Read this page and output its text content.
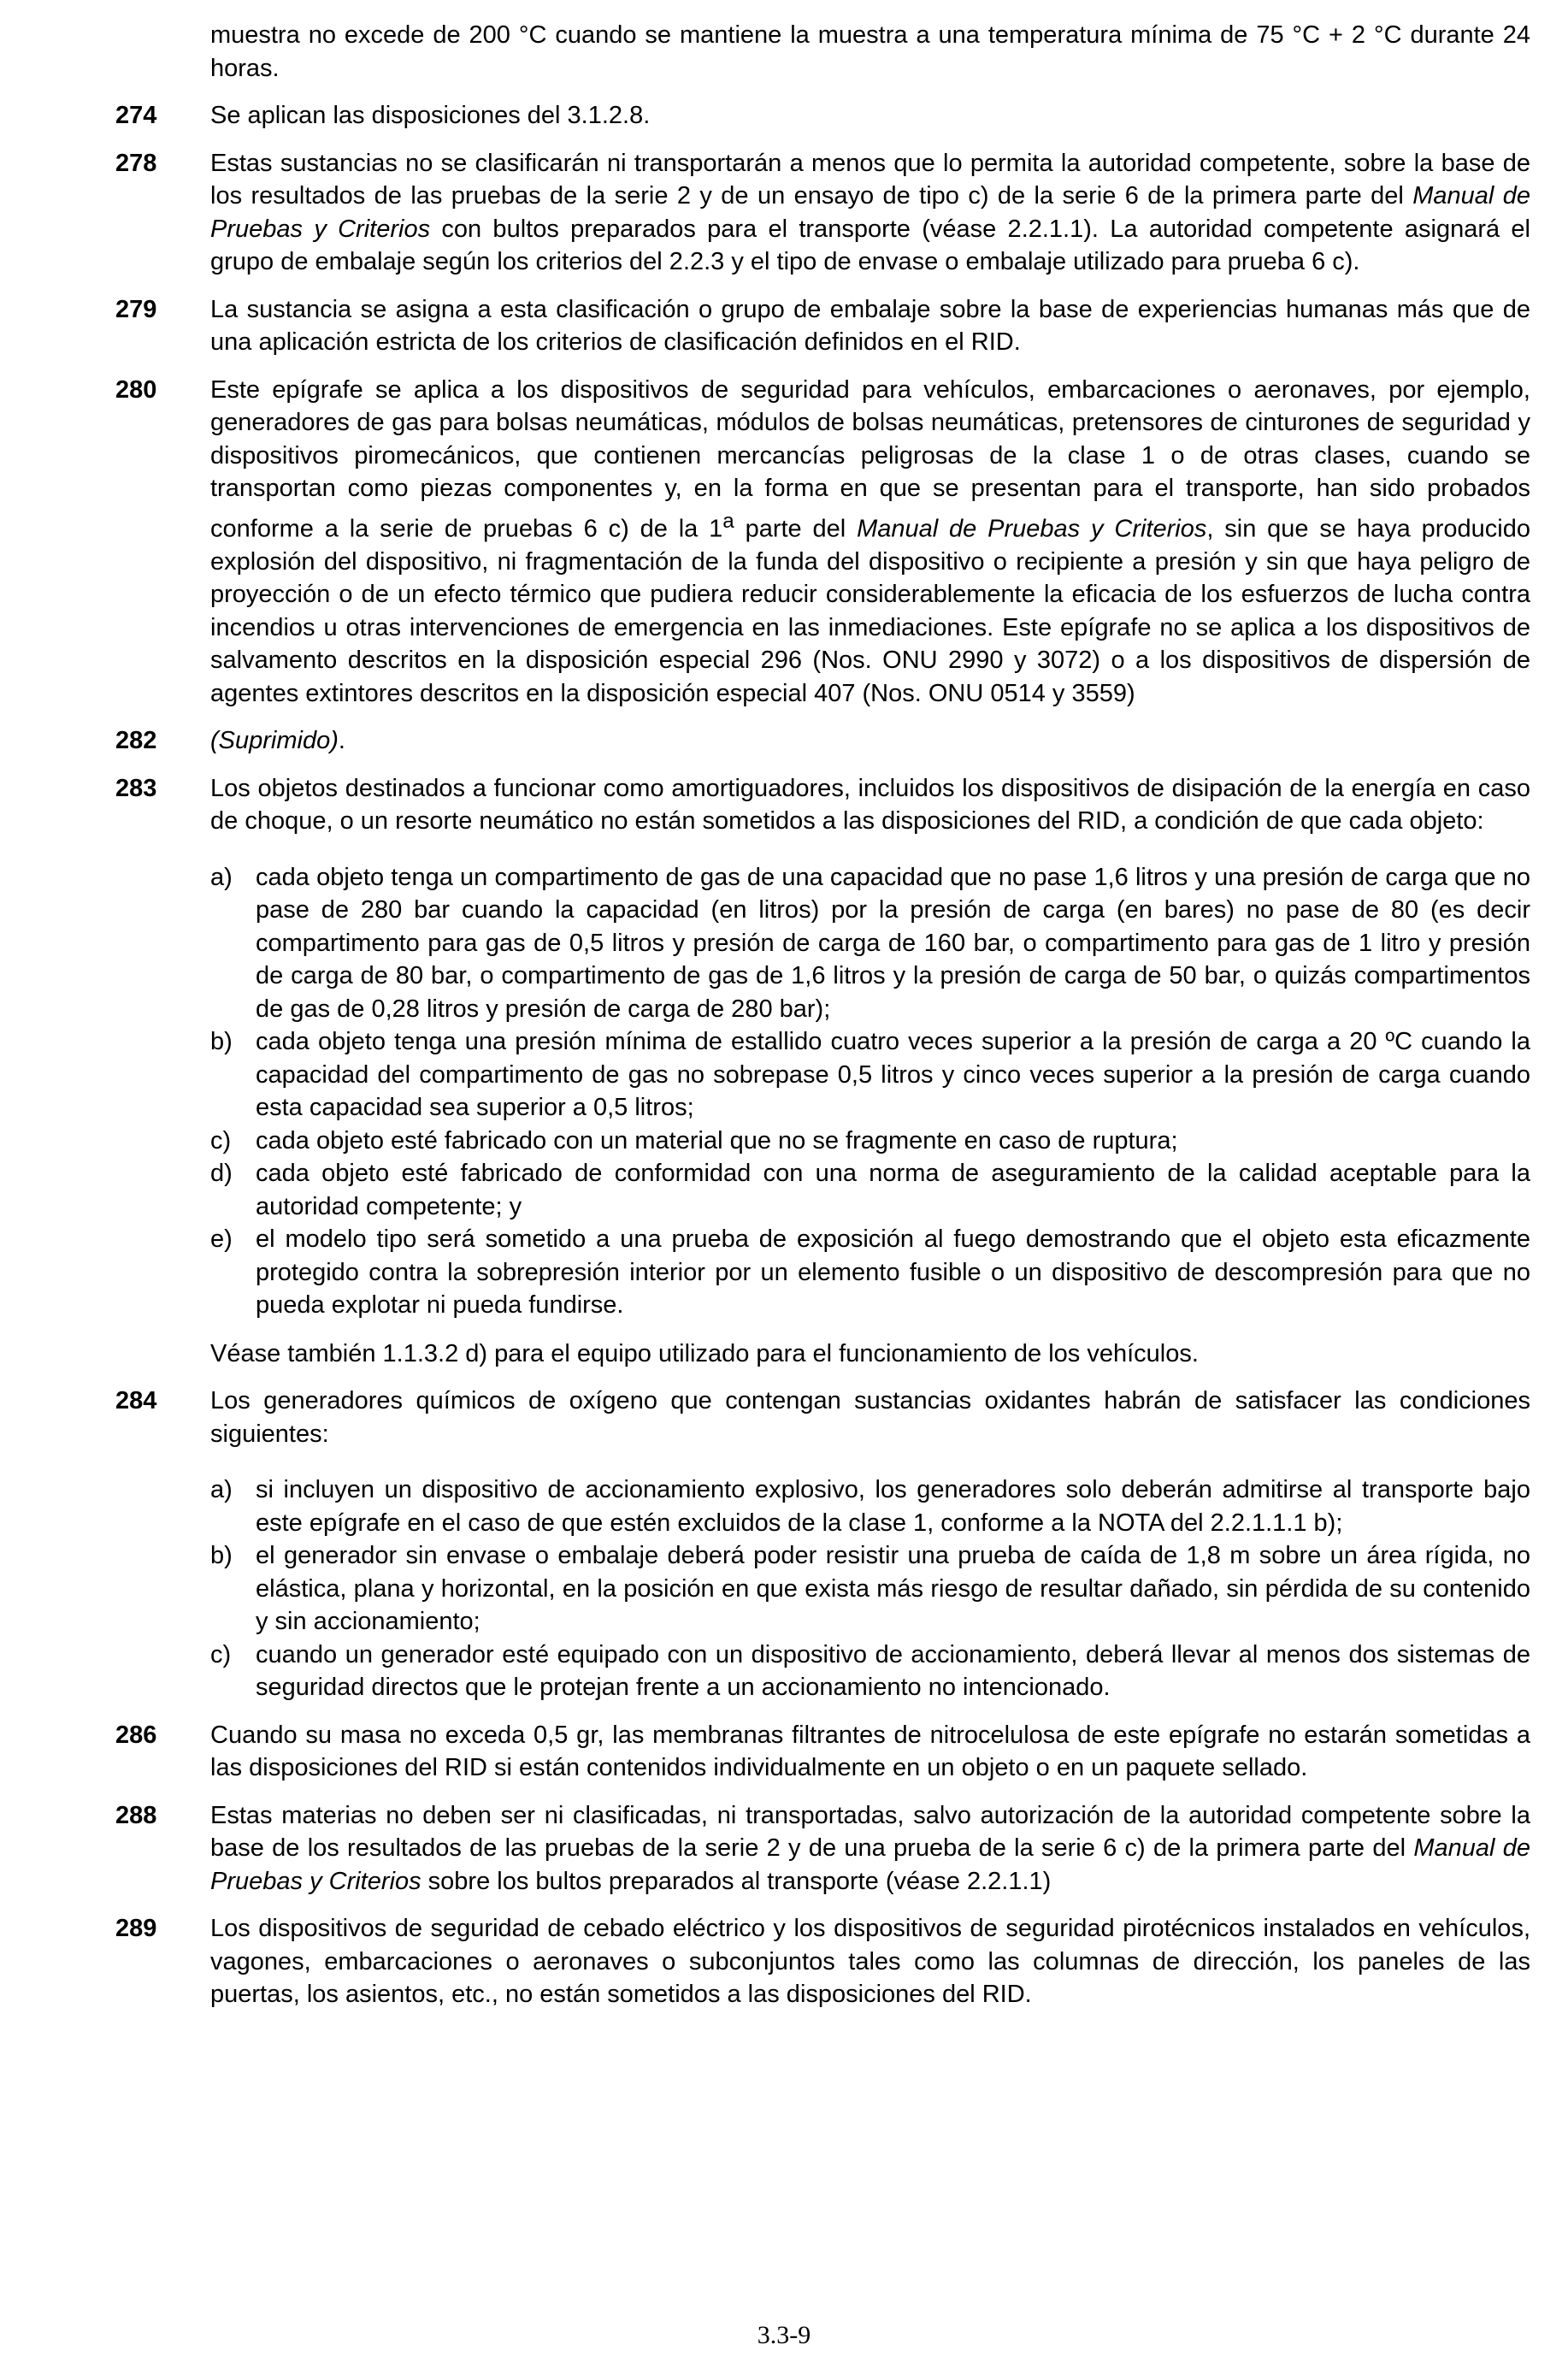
muestra no excede de 200 °C cuando se mantiene la muestra a una temperatura mínima de 75 °C + 2 °C durante 24 horas.
274 Se aplican las disposiciones del 3.1.2.8.
278 Estas sustancias no se clasificarán ni transportarán a menos que lo permita la autoridad competente, sobre la base de los resultados de las pruebas de la serie 2 y de un ensayo de tipo c) de la serie 6 de la primera parte del Manual de Pruebas y Criterios con bultos preparados para el transporte (véase 2.2.1.1). La autoridad competente asignará el grupo de embalaje según los criterios del 2.2.3 y el tipo de envase o embalaje utilizado para prueba 6 c).
279 La sustancia se asigna a esta clasificación o grupo de embalaje sobre la base de experiencias humanas más que de una aplicación estricta de los criterios de clasificación definidos en el RID.
280 Este epígrafe se aplica a los dispositivos de seguridad para vehículos, embarcaciones o aeronaves, por ejemplo, generadores de gas para bolsas neumáticas, módulos de bolsas neumáticas, pretensores de cinturones de seguridad y dispositivos piromecánicos, que contienen mercancías peligrosas de la clase 1 o de otras clases, cuando se transportan como piezas componentes y, en la forma en que se presentan para el transporte, han sido probados conforme a la serie de pruebas 6 c) de la 1$^a$ parte del Manual de Pruebas y Criterios, sin que se haya producido explosión del dispositivo, ni fragmentación de la funda del dispositivo o recipiente a presión y sin que haya peligro de proyección o de un efecto térmico que pudiera reducir considerablemente la eficacia de los esfuerzos de lucha contra incendios u otras intervenciones de emergencia en las inmediaciones. Este epígrafe no se aplica a los dispositivos de salvamento descritos en la disposición especial 296 (Nos. ONU 2990 y 3072) o a los dispositivos de dispersión de agentes extintores descritos en la disposición especial 407 (Nos. ONU 0514 y 3559)
282 (Suprimido).
283 Los objetos destinados a funcionar como amortiguadores, incluidos los dispositivos de disipación de la energía en caso de choque, o un resorte neumático no están sometidos a las disposiciones del RID, a condición de que cada objeto:
a) cada objeto tenga un compartimento de gas de una capacidad que no pase 1,6 litros y una presión de carga que no pase de 280 bar cuando la capacidad (en litros) por la presión de carga (en bares) no pase de 80 (es decir compartimento para gas de 0,5 litros y presión de carga de 160 bar, o compartimento para gas de 1 litro y presión de carga de 80 bar, o compartimento de gas de 1,6 litros y la presión de carga de 50 bar, o quizás compartimentos de gas de 0,28 litros y presión de carga de 280 bar);
b) cada objeto tenga una presión mínima de estallido cuatro veces superior a la presión de carga a 20 ºC cuando la capacidad del compartimento de gas no sobrepase 0,5 litros y cinco veces superior a la presión de carga cuando esta capacidad sea superior a 0,5 litros;
c) cada objeto esté fabricado con un material que no se fragmente en caso de ruptura;
d) cada objeto esté fabricado de conformidad con una norma de aseguramiento de la calidad aceptable para la autoridad competente; y
e) el modelo tipo será sometido a una prueba de exposición al fuego demostrando que el objeto esta eficazmente protegido contra la sobrepresión interior por un elemento fusible o un dispositivo de descompresión para que no pueda explotar ni pueda fundirse.
Véase también 1.1.3.2 d) para el equipo utilizado para el funcionamiento de los vehículos.
284 Los generadores químicos de oxígeno que contengan sustancias oxidantes habrán de satisfacer las condiciones siguientes:
a) si incluyen un dispositivo de accionamiento explosivo, los generadores solo deberán admitirse al transporte bajo este epígrafe en el caso de que estén excluidos de la clase 1, conforme a la NOTA del 2.2.1.1.1 b);
b) el generador sin envase o embalaje deberá poder resistir una prueba de caída de 1,8 m sobre un área rígida, no elástica, plana y horizontal, en la posición en que exista más riesgo de resultar dañado, sin pérdida de su contenido y sin accionamiento;
c) cuando un generador esté equipado con un dispositivo de accionamiento, deberá llevar al menos dos sistemas de seguridad directos que le protejan frente a un accionamiento no intencionado.
286 Cuando su masa no exceda 0,5 gr, las membranas filtrantes de nitrocelulosa de este epígrafe no estarán sometidas a las disposiciones del RID si están contenidos individualmente en un objeto o en un paquete sellado.
288 Estas materias no deben ser ni clasificadas, ni transportadas, salvo autorización de la autoridad competente sobre la base de los resultados de las pruebas de la serie 2 y de una prueba de la serie 6 c) de la primera parte del Manual de Pruebas y Criterios sobre los bultos preparados al transporte (véase 2.2.1.1)
289 Los dispositivos de seguridad de cebado eléctrico y los dispositivos de seguridad pirotécnicos instalados en vehículos, vagones, embarcaciones o aeronaves o subconjuntos tales como las columnas de dirección, los paneles de las puertas, los asientos, etc., no están sometidos a las disposiciones del RID.
3.3-9
